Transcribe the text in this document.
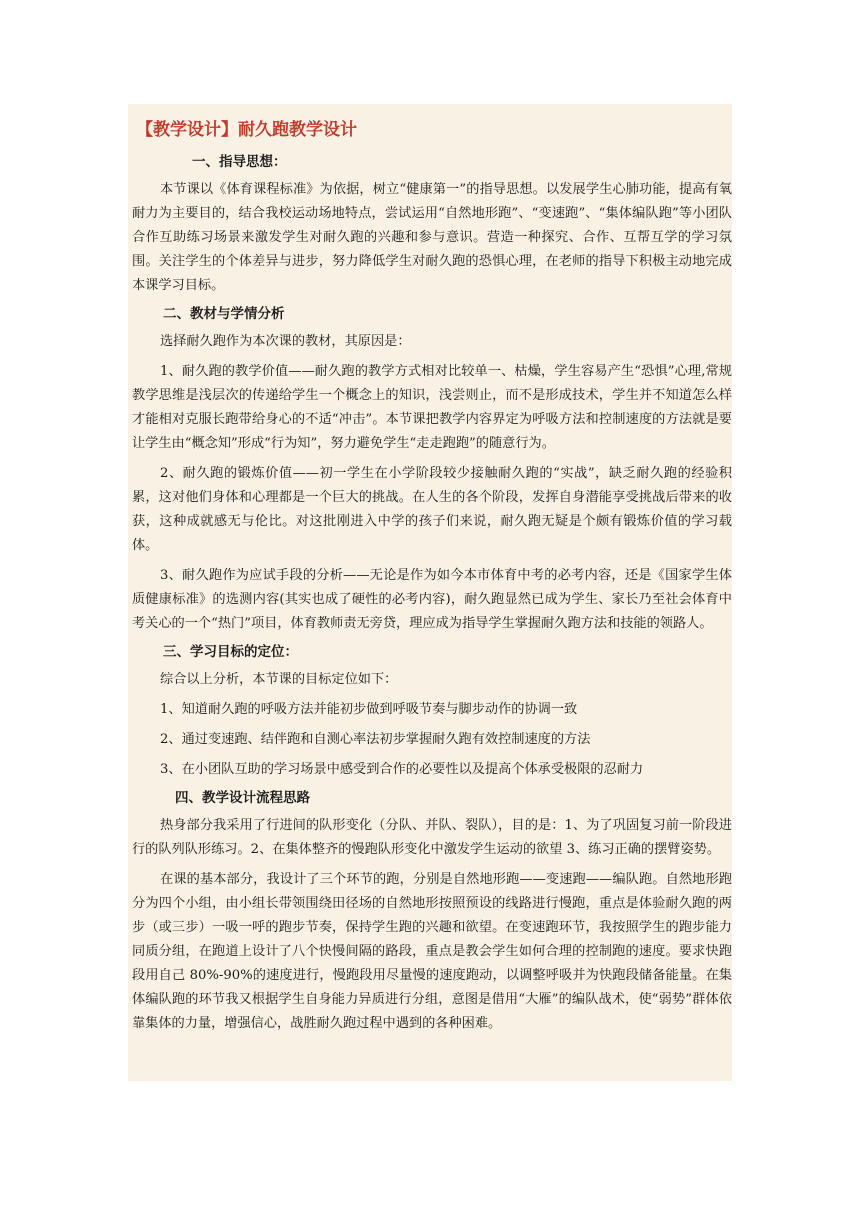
【教学设计】耐久跑教学设计
一、指导思想：

本节课以《体育课程标准》为依据，树立“健康第一”的指导思想。以发展学生心肺功能，提高有氧耐力为主要目的，结合我校运动场地特点，尝试运用“自然地形跑”、“变速跑”、“集体编队跑”等小团队合作互助练习场景来激发学生对耐久跑的兴趣和参与意识。营造一种探究、合作、互帮互学的学习氛围。关注学生的个体差异与进步，努力降低学生对耐久跑的恐惧心理，在老师的指导下积极主动地完成本课学习目标。

二、教材与学情分析

选择耐久跑作为本次课的教材，其原因是：

1、耐久跑的教学价值——耐久跑的教学方式相对比较单一、枯燥，学生容易产生“恐惧”心理,常规教学思维是浅层次的传递给学生一个概念上的知识，浅尝则止，而不是形成技术，学生并不知道怎么样才能相对克服长跑带给身心的不适“冲击”。本节课把教学内容界定为呼吸方法和控制速度的方法就是要让学生由“概念知”形成“行为知”，努力避免学生“走走跑跑”的随意行为。

2、耐久跑的锻炼价值——初一学生在小学阶段较少接触耐久跑的“实战”，缺乏耐久跑的经验积累，这对他们身体和心理都是一个巨大的挑战。在人生的各个阶段，发挥自身潜能享受挑战后带来的收获，这种成就感无与伦比。对这批刚进入中学的孩子们来说，耐久跑无疑是个颇有锻炼价值的学习载体。

3、耐久跑作为应试手段的分析——无论是作为如今本市体育中考的必考内容，还是《国家学生体质健康标准》的选测内容(其实也成了硬性的必考内容)，耐久跑显然已成为学生、家长乃至社会体育中考关心的一个“热门”项目，体育教师责无旁贷，理应成为指导学生掌握耐久跑方法和技能的领路人。

三、学习目标的定位：

综合以上分析，本节课的目标定位如下：

1、知道耐久跑的呼吸方法并能初步做到呼吸节奏与脚步动作的协调一致

2、通过变速跑、结伴跑和自测心率法初步掌握耐久跑有效控制速度的方法

3、在小团队互助的学习场景中感受到合作的必要性以及提高个体承受极限的忍耐力

四、教学设计流程思路

热身部分我采用了行进间的队形变化（分队、并队、裂队），目的是：1、为了巩固复习前一阶段进行的队列队形练习。2、在集体整齐的慢跑队形变化中激发学生运动的欲望 3、练习正确的摆臂姿势。

在课的基本部分，我设计了三个环节的跑，分别是自然地形跑——变速跑——编队跑。自然地形跑分为四个小组，由小组长带领围绕田径场的自然地形按照预设的线路进行慢跑，重点是体验耐久跑的两步（或三步）一吸一呼的跑步节奏，保持学生跑的兴趣和欲望。在变速跑环节，我按照学生的跑步能力同质分组，在跑道上设计了八个快慢间隔的路段，重点是教会学生如何合理的控制跑的速度。要求快跑段用自己 80%-90%的速度进行，慢跑段用尽量慢的速度跑动，以调整呼吸并为快跑段储备能量。在集体编队跑的环节我又根据学生自身能力异质进行分组，意图是借用“大雁”的编队战术，使“弱势”群体依靠集体的力量，增强信心，战胜耐久跑过程中遇到的各种困难。
